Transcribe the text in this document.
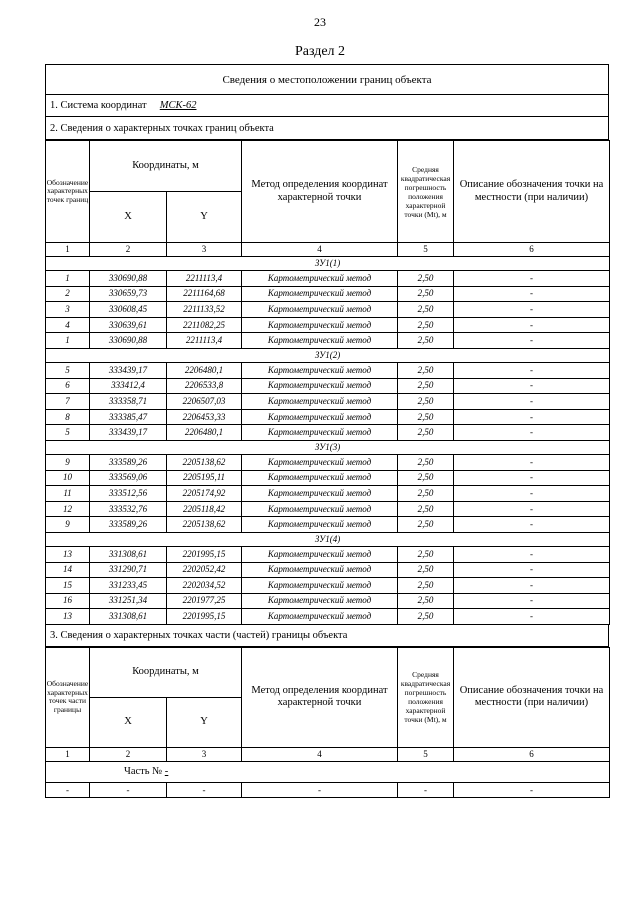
23
Раздел 2
Сведения о местоположении границ объекта
1. Система координат МСК-62
2. Сведения о характерных точках границ объекта
Обозначение характерных точек границ	Координаты, м		Метод определения координат характерной точки	Средняя квадратическая погрешность положения характерной точки (Mt), м	Описание обозначения точки на местности (при наличии)
	X	Y			
1	2	3	4	5	6
ЗУ1(1)					
1	330690,88	2211113,4	Картометрический метод	2,50	-
2	330659,73	2211164,68	Картометрический метод	2,50	-
3	330608,45	2211133,52	Картометрический метод	2,50	-
4	330639,61	2211082,25	Картометрический метод	2,50	-
1	330690,88	2211113,4	Картометрический метод	2,50	-
ЗУ1(2)					
5	333439,17	2206480,1	Картометрический метод	2,50	-
6	333412,4	2206533,8	Картометрический метод	2,50	-
7	333358,71	2206507,03	Картометрический метод	2,50	-
8	333385,47	2206453,33	Картометрический метод	2,50	-
5	333439,17	2206480,1	Картометрический метод	2,50	-
ЗУ1(3)					
9	333589,26	2205138,62	Картометрический метод	2,50	-
10	333569,06	2205195,11	Картометрический метод	2,50	-
11	333512,56	2205174,92	Картометрический метод	2,50	-
12	333532,76	2205118,42	Картометрический метод	2,50	-
9	333589,26	2205138,62	Картометрический метод	2,50	-
ЗУ1(4)					
13	331308,61	2201995,15	Картометрический метод	2,50	-
14	331290,71	2202052,42	Картометрический метод	2,50	-
15	331233,45	2202034,52	Картометрический метод	2,50	-
16	331251,34	2201977,25	Картометрический метод	2,50	-
13	331308,61	2201995,15	Картометрический метод	2,50	-
3. Сведения о характерных точках части (частей) границы объекта
Обозначение характерных точек части границы	Координаты, м		Метод определения координат характерной точки	Средняя квадратическая погрешность положения характерной точки (Mt), м	Описание обозначения точки на местности (при наличии)
	X	Y			
1	2	3	4	5	6
Часть № -					
-	-	-	-	-	-
